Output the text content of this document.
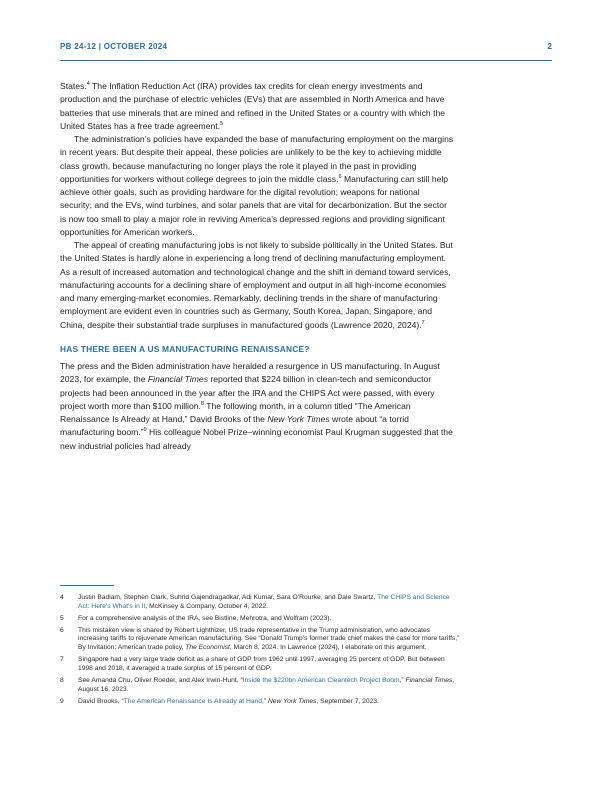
PB 24-12 | OCTOBER 2024	2

States.$^4$ The Inflation Reduction Act (IRA) provides tax credits for clean energy investments and production and the purchase of electric vehicles (EVs) that are assembled in North America and have batteries that use minerals that are mined and refined in the United States or a country with which the United States has a free trade agreement.$^5$

The administration’s policies have expanded the base of manufacturing employment on the margins in recent years. But despite their appeal, these policies are unlikely to be the key to achieving middle class growth, because manufacturing no longer plays the role it played in the past in providing opportunities for workers without college degrees to join the middle class.$^6$ Manufacturing can still help achieve other goals, such as providing hardware for the digital revolution; weapons for national security; and the EVs, wind turbines, and solar panels that are vital for decarbonization. But the sector is now too small to play a major role in reviving America’s depressed regions and providing significant opportunities for American workers.

The appeal of creating manufacturing jobs is not likely to subside politically in the United States. But the United States is hardly alone in experiencing a long trend of declining manufacturing employment. As a result of increased automation and technological change and the shift in demand toward services, manufacturing accounts for a declining share of employment and output in all high-income economies and many emerging-market economies. Remarkably, declining trends in the share of manufacturing employment are evident even in countries such as Germany, South Korea, Japan, Singapore, and China, despite their substantial trade surpluses in manufactured goods (Lawrence 2020, 2024).$^7$

HAS THERE BEEN A US MANUFACTURING RENAISSANCE?

The press and the Biden administration have heralded a resurgence in US manufacturing. In August 2023, for example, the Financial Times reported that $224 billion in clean-tech and semiconductor projects had been announced in the year after the IRA and the CHIPS Act were passed, with every project worth more than $100 million.$^8$ The following month, in a column titled “The American Renaissance Is Already at Hand,” David Brooks of the New York Times wrote about “a torrid manufacturing boom.”$^9$ His colleague Nobel Prize–winning economist Paul Krugman suggested that the new industrial policies had already

4	Justin Badlam, Stephen Clark, Suhrid Gajendragadkar, Adi Kumar, Sara O’Rourke, and Dale Swartz, The CHIPS and Science Act: Here’s What’s in It, McKinsey & Company, October 4, 2022.
5	For a comprehensive analysis of the IRA, see Bistline, Mehrotra, and Wolfram (2023).
6	This mistaken view is shared by Robert Lighthizer, US trade representative in the Trump administration, who advocates increasing tariffs to rejuvenate American manufacturing. See “Donald Trump’s former trade chief makes the case for more tariffs,” By Invitation: American trade policy, The Economist, March 8, 2024. In Lawrence (2024), I elaborate on this argument.
7	Singapore had a very large trade deficit as a share of GDP from 1962 until 1997, averaging 25 percent of GDP. But between 1998 and 2018, it averaged a trade surplus of 15 percent of GDP.
8	See Amanda Chu, Oliver Roeder, and Alex Irwin-Hunt, “Inside the $220bn American Cleantech Project Boom,” Financial Times, August 16, 2023.
9	David Brooks, “The American Renaissance Is Already at Hand,” New York Times, September 7, 2023.
